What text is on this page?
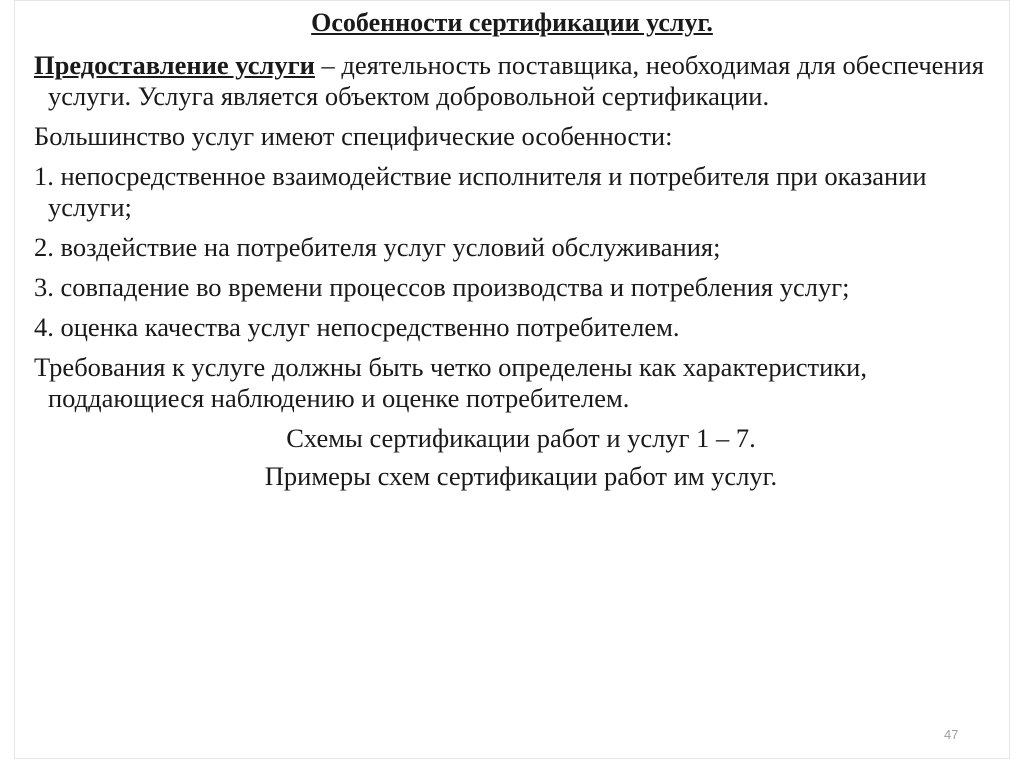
Особенности сертификации услуг.

Предоставление услуги – деятельность поставщика, необходимая для обеспечения услуги. Услуга является объектом добровольной сертификации.

Большинство услуг имеют специфические особенности:

1. непосредственное взаимодействие исполнителя и потребителя при оказании услуги;

2. воздействие на потребителя услуг условий обслуживания;

3. совпадение во времени процессов производства и потребления услуг;

4. оценка качества услуг непосредственно потребителем.

Требования к услуге должны быть четко определены как характеристики, поддающиеся наблюдению и оценке потребителем.

Схемы сертификации работ и услуг 1 – 7.

Примеры схем сертификации работ им услуг.

47
